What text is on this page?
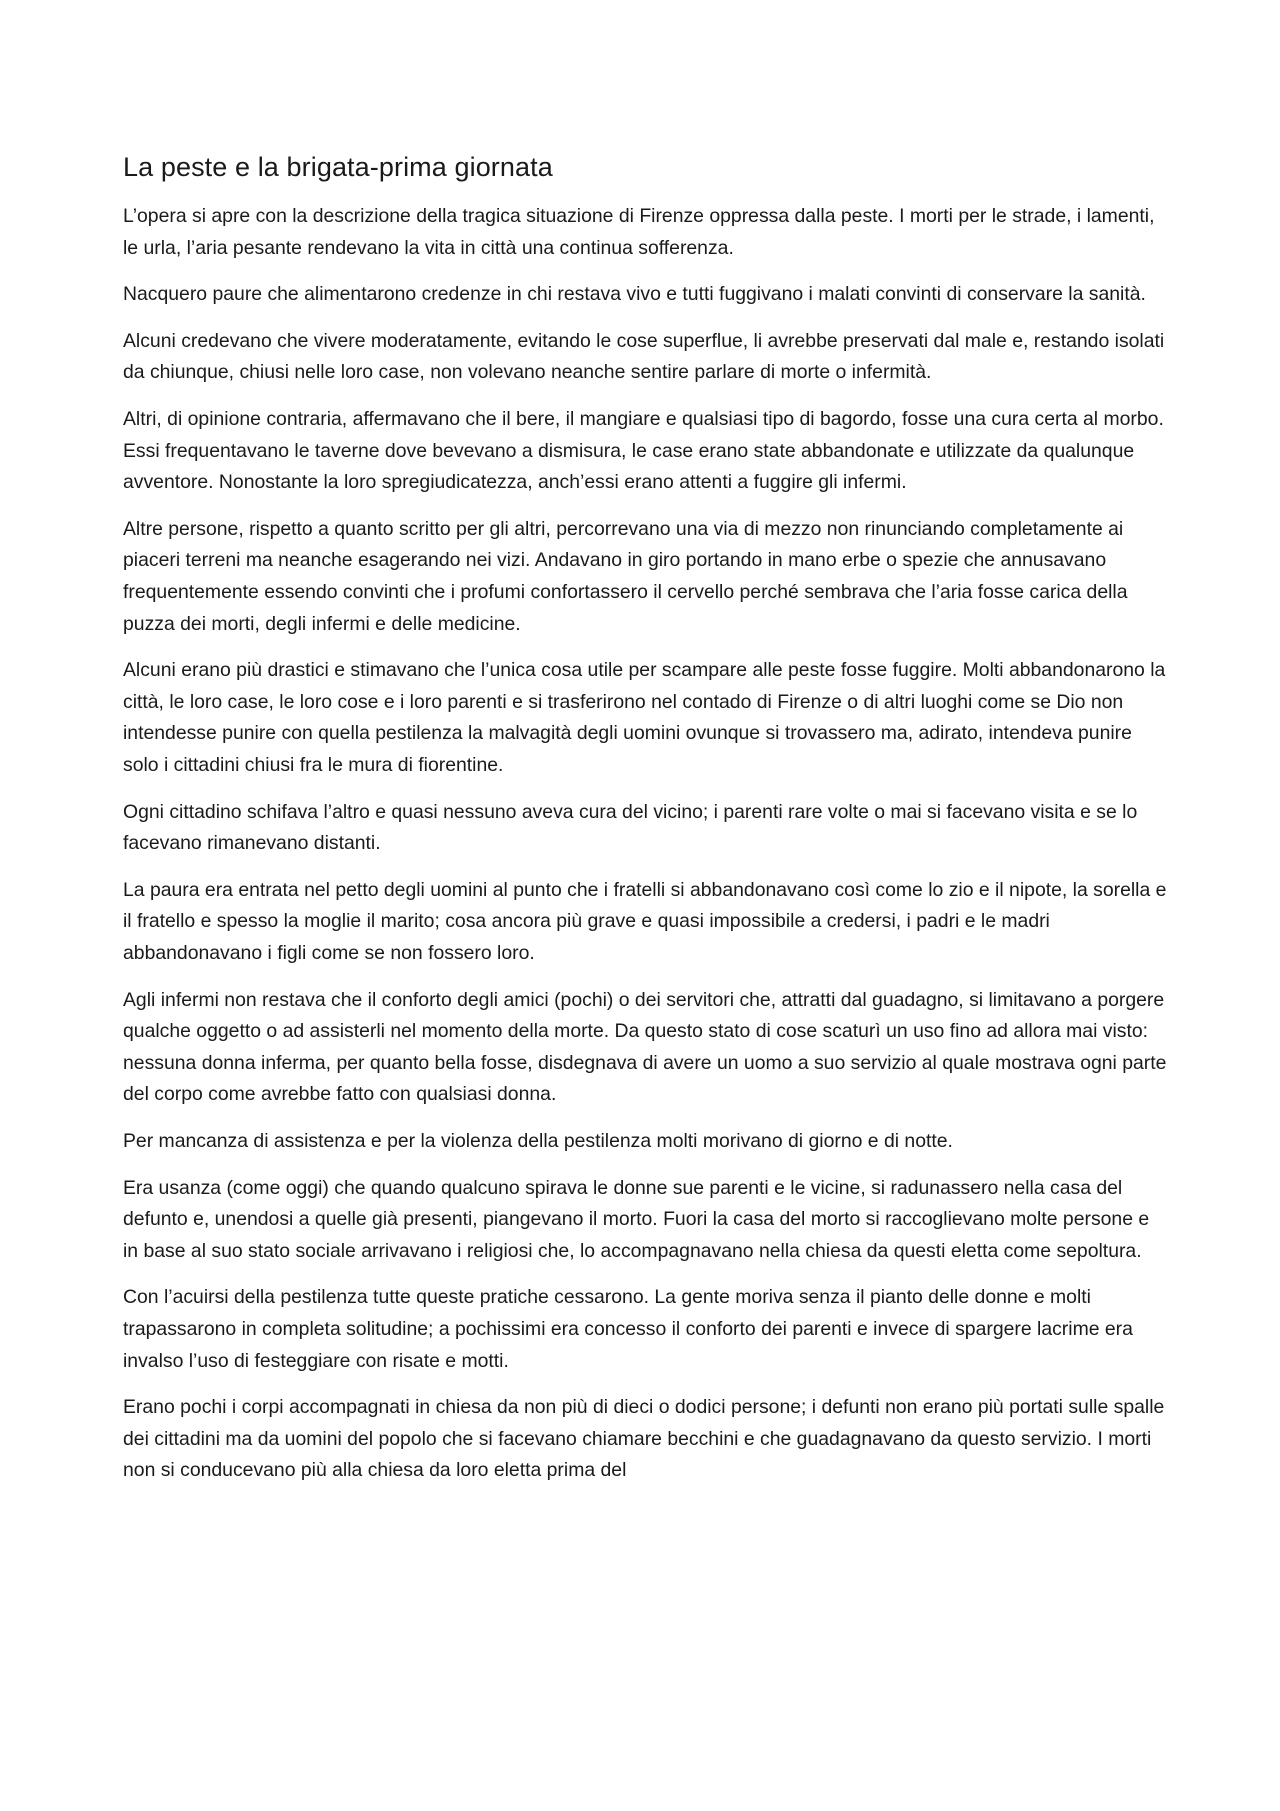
La peste e la brigata-prima giornata

L’opera si apre con la descrizione della tragica situazione di Firenze oppressa dalla peste. I morti per le strade, i lamenti, le urla, l’aria pesante rendevano la vita in città una continua sofferenza.

Nacquero paure che alimentarono credenze in chi restava vivo e tutti fuggivano i malati convinti di conservare la sanità.

Alcuni credevano che vivere moderatamente, evitando le cose superflue, li avrebbe preservati dal male e, restando isolati da chiunque, chiusi nelle loro case, non volevano neanche sentire parlare di morte o infermità.

Altri, di opinione contraria, affermavano che il bere, il mangiare e qualsiasi tipo di bagordo, fosse una cura certa al morbo. Essi frequentavano le taverne dove bevevano a dismisura, le case erano state abbandonate e utilizzate da qualunque avventore. Nonostante la loro spregiudicatezza, anch’essi erano attenti a fuggire gli infermi.

Altre persone, rispetto a quanto scritto per gli altri, percorrevano una via di mezzo non rinunciando completamente ai piaceri terreni ma neanche esagerando nei vizi. Andavano in giro portando in mano erbe o spezie che annusavano frequentemente essendo convinti che i profumi confortassero il cervello perché sembrava che l’aria fosse carica della puzza dei morti, degli infermi e delle medicine.

Alcuni erano più drastici e stimavano che l’unica cosa utile per scampare alle peste fosse fuggire. Molti abbandonarono la città, le loro case, le loro cose e i loro parenti e si trasferirono nel contado di Firenze o di altri luoghi come se Dio non intendesse punire con quella pestilenza la malvagità degli uomini ovunque si trovassero ma, adirato, intendeva punire solo i cittadini chiusi fra le mura di fiorentine.

Ogni cittadino schifava l’altro e quasi nessuno aveva cura del vicino; i parenti rare volte o mai si facevano visita e se lo facevano rimanevano distanti.

La paura era entrata nel petto degli uomini al punto che i fratelli si abbandonavano così come lo zio e il nipote, la sorella e il fratello e spesso la moglie il marito; cosa ancora più grave e quasi impossibile a credersi, i padri e le madri abbandonavano i figli come se non fossero loro.

Agli infermi non restava che il conforto degli amici (pochi) o dei servitori che, attratti dal guadagno, si limitavano a porgere qualche oggetto o ad assisterli nel momento della morte. Da questo stato di cose scaturì un uso fino ad allora mai visto: nessuna donna inferma, per quanto bella fosse, disdegnava di avere un uomo a suo servizio al quale mostrava ogni parte del corpo come avrebbe fatto con qualsiasi donna.

Per mancanza di assistenza e per la violenza della pestilenza molti morivano di giorno e di notte.

Era usanza (come oggi) che quando qualcuno spirava le donne sue parenti e le vicine, si radunassero nella casa del defunto e, unendosi a quelle già presenti, piangevano il morto. Fuori la casa del morto si raccoglievano molte persone e in base al suo stato sociale arrivavano i religiosi che, lo accompagnavano nella chiesa da questi eletta come sepoltura.

Con l’acuirsi della pestilenza tutte queste pratiche cessarono. La gente moriva senza il pianto delle donne e molti trapassarono in completa solitudine; a pochissimi era concesso il conforto dei parenti e invece di spargere lacrime era invalso l’uso di festeggiare con risate e motti.

Erano pochi i corpi accompagnati in chiesa da non più di dieci o dodici persone; i defunti non erano più portati sulle spalle dei cittadini ma da uomini del popolo che si facevano chiamare becchini e che guadagnavano da questo servizio. I morti non si conducevano più alla chiesa da loro eletta prima del
